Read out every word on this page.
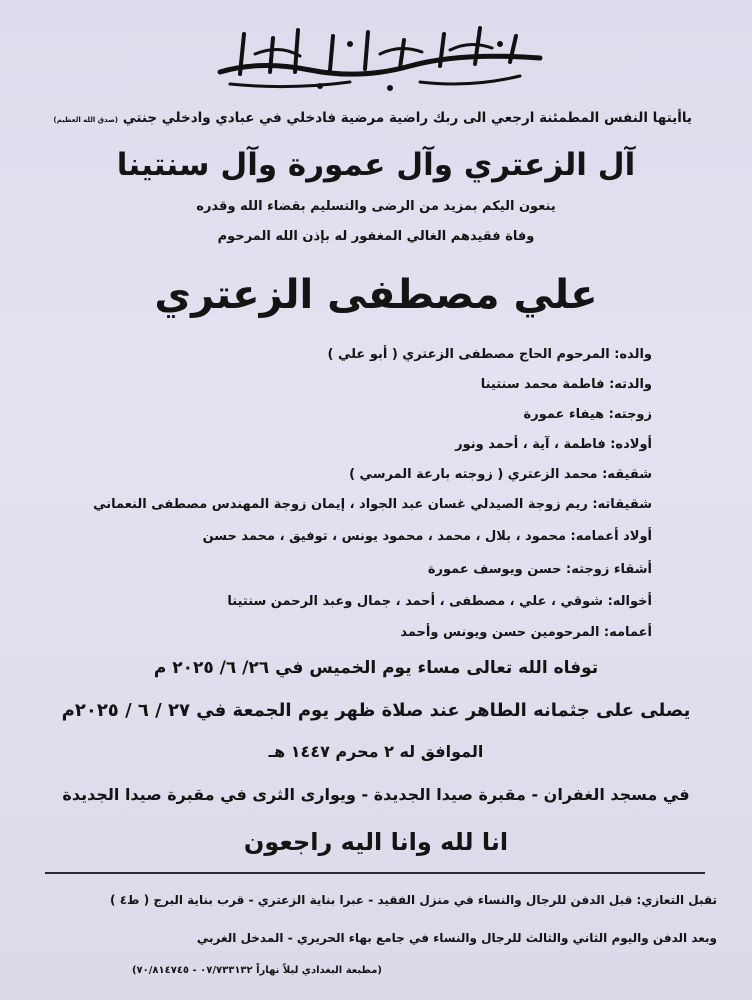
سبحان الحي الذي لا يموت
ياأيتها النفس المطمئنة ارجعي الى ربك راضية مرضية فادخلي في عبادي وادخلي جنتي (صدق الله العظيم)
آل الزعتري وآل عمورة وآل سنتينا
ينعون اليكم بمزيد من الرضى والتسليم بقضاء الله وقدره
وفاة فقيدهم الغالي المغفور له بإذن الله المرحوم
علي مصطفى الزعتري
والده: المرحوم الحاج مصطفى الزعتري ( أبو علي )
والدته: فاطمة محمد سنتينا
زوجته: هيفاء عمورة
أولاده: فاطمة ، آية ، أحمد ونور
شقيقه: محمد الزعتري ( زوجته بارعة المرسي )
شقيقاته: ريم زوجة الصيدلي غسان عبد الجواد ، إيمان زوجة المهندس مصطفى النعماني
أولاد أعمامه: محمود ، بلال ، محمد ، محمود يونس ، توفيق ، محمد حسن
أشقاء زوجته: حسن ويوسف عمورة
أخواله: شوقي ، علي ، مصطفى ، أحمد ، جمال وعبد الرحمن سنتينا
أعمامه: المرحومين حسن ويونس وأحمد
توفاه الله تعالى مساء يوم الخميس في ٢٦/ ٦/ ٢٠٢٥ م
يصلى على جثمانه الطاهر عند صلاة ظهر يوم الجمعة في ٢٧ / ٦ / ٢٠٢٥م
الموافق له ٢ محرم ١٤٤٧ هـ
في مسجد الغفران - مقبرة صيدا الجديدة - ويوارى الثرى في مقبرة صيدا الجديدة
انا لله وانا اليه راجعون
تقبل التعازي: قبل الدفن للرجال والنساء في منزل الفقيد - عبرا بناية الزعتري - قرب بناية البرج ( ط٤ )
وبعد الدفن واليوم الثاني والثالث للرجال والنساء في جامع بهاء الحريري - المدخل الغربي
(مطبعة البغدادي ليلاً نهاراً ٠٧/٧٣٣١٣٢ - ٧٠/٨١٤٧٤٥)
